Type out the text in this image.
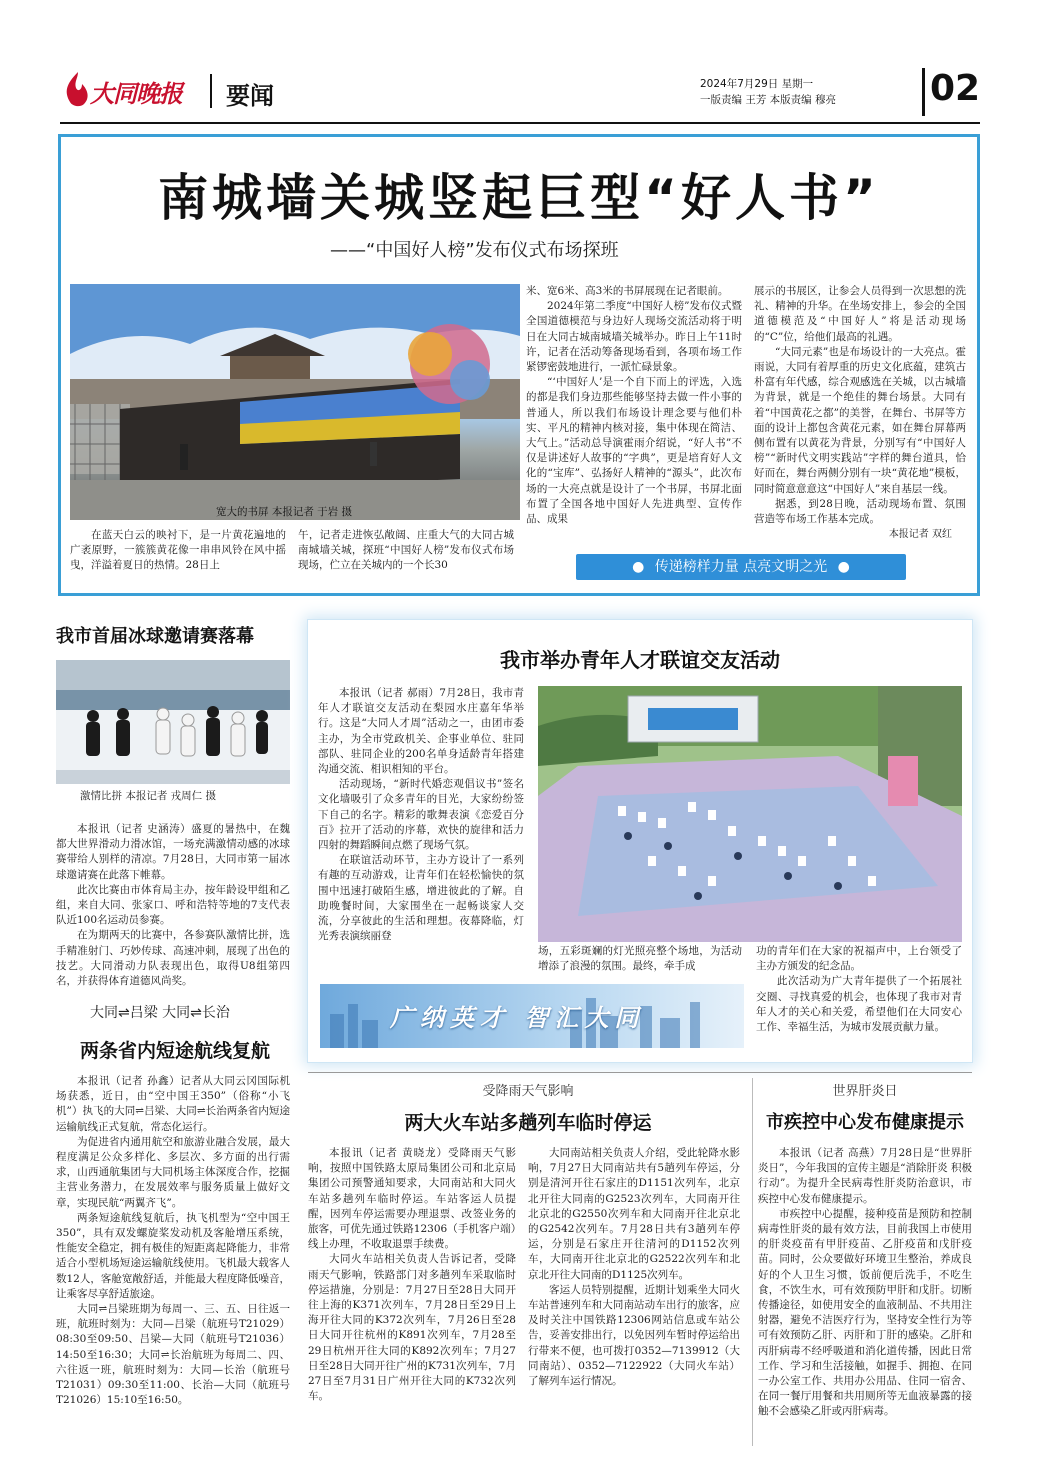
大同晚报 要闻	2024年7月29日 星期一
一版责编 王芳 本版责编 穆亮	02
南城墙关城竖起巨型“好人书”
——“中国好人榜”发布仪式布场探班
宽大的书屏 本报记者 于岩 摄

在蓝天白云的映衬下，是一片黄花遍地的广袤原野，一簇簇黄花像一串串风铃在风中摇曳，洋溢着夏日的热情。28日上

午，记者走进恢弘敞阔、庄重大气的大同古城南城墙关城，探班“中国好人榜”发布仪式布场现场，伫立在关城内的一个长30

米、宽6米、高3米的书屏展现在记者眼前。

2024年第二季度“中国好人榜”发布仪式暨全国道德模范与身边好人现场交流活动将于明日在大同古城南城墙关城举办。昨日上午11时许，记者在活动筹备现场看到，各项布场工作紧锣密鼓地进行，一派忙碌景象。

“‘中国好人’是一个自下而上的评选，入选的都是我们身边那些能够坚持去做一件小事的普通人，所以我们布场设计理念要与他们朴实、平凡的精神内核对接，集中体现在简洁、大气上。”活动总导演霍雨介绍说，“好人书”不仅是讲述好人故事的“字典”，更是培育好人文化的“宝库”、弘扬好人精神的“源头”，此次布场的一大亮点就是设计了一个书屏，书屏北面布置了全国各地中国好人先进典型、宣传作品、成果

展示的书展区，让参会人员得到一次思想的洗礼、精神的升华。在坐场安排上，参会的全国道德模范及“中国好人”将是活动现场的“C”位，给他们最高的礼遇。

“大同元素”也是布场设计的一大亮点。霍雨说，大同有着厚重的历史文化底蕴，建筑古朴富有年代感，综合观感选在关城，以古城墙为背景，就是一个绝佳的舞台场景。大同有着“中国黄花之都”的美誉，在舞台、书屏等方面的设计上都包含黄花元素，如在舞台屏幕两侧布置有以黄花为背景，分别写有“中国好人榜”“新时代文明实践站”字样的舞台道具，恰好而在，舞台两侧分别有一块“黄花地”模板，同时简意意意这“中国好人”来自基层一线。

据悉，到28日晚，活动现场布置、氛围营造等布场工作基本完成。

本报记者 双红
● 传递榜样力量 点亮文明之光 ●
我市首届冰球邀请赛落幕
激情比拼 本报记者 戎周仁 摄

本报讯（记者 史涵涛）盛夏的暑热中，在魏都大世界滑动力滑冰馆，一场充满激情动感的冰球赛带给人别样的清凉。7月28日，大同市第一届冰球邀请赛在此落下帷幕。

此次比赛由市体育局主办，按年龄设甲组和乙组，来自大同、张家口、呼和浩特等地的7支代表队近100名运动员参赛。

在为期两天的比赛中，各参赛队激情比拼，选手精准射门、巧妙传球、高速冲刺，展现了出色的技艺。大同滑动力队表现出色，取得U8组第四名，并获得体育道德风尚奖。

大同⇌吕梁 大同⇌长治
两条省内短途航线复航

本报讯（记者 孙鑫）记者从大同云冈国际机场获悉，近日，由“空中国王350”（俗称“小飞机”）执飞的大同⇌吕梁、大同⇌长治两条省内短途运输航线正式复航，常态化运行。

为促进省内通用航空和旅游业融合发展，最大程度满足公众多样化、多层次、多方面的出行需求，山西通航集团与大同机场主体深度合作，挖掘主营业务潜力，在发展效率与服务质量上做好文章，实现民航“两翼齐飞”。

两条短途航线复航后，执飞机型为“空中国王350”，具有双发螺旋桨发动机及客舱增压系统，性能安全稳定，拥有极佳的短距离起降能力，非常适合小型机场短途运输航线使用。飞机最大载客人数12人，客舱宽敞舒适，并能最大程度降低噪音，让乘客尽享舒适旅途。

大同⇌吕梁班期为每周一、三、五、日往返一班，航班时刻为：大同—吕梁（航班号T21029）08:30至09:50、吕梁—大同（航班号T21036）14:50至16:30；大同⇌长治航班为每周二、四、六往返一班，航班时刻为：大同—长治（航班号T21031）09:30至11:00、长治—大同（航班号T21026）15:10至16:50。

我市举办青年人才联谊交友活动

本报讯（记者 郝雨）7月28日，我市青年人才联谊交友活动在梨园水庄嘉年华举行。这是“大同人才周”活动之一，由团市委主办，为全市党政机关、企事业单位、驻同部队、驻同企业的200名单身适龄青年搭建沟通交流、相识相知的平台。

活动现场，“新时代婚恋观倡议书”签名文化墙吸引了众多青年的目光，大家纷纷签下自己的名字。精彩的歌舞表演《恋爱百分百》拉开了活动的序幕，欢快的旋律和活力四射的舞蹈瞬间点燃了现场气氛。

在联谊活动环节，主办方设计了一系列有趣的互动游戏，让青年们在轻松愉快的氛围中迅速打破陌生感，增进彼此的了解。自助晚餐时间，大家围坐在一起畅谈家人交流，分享彼此的生活和理想。夜幕降临，灯光秀表演缤丽登

场，五彩斑斓的灯光照亮整个场地，为活动增添了浪漫的氛围。最终，牵手成

功的青年们在大家的祝福声中，上台领受了主办方颁发的纪念品。

此次活动为广大青年提供了一个拓展社交圈、寻找真爱的机会，也体现了我市对青年人才的关心和关爱，希望他们在大同安心工作、幸福生活，为城市发展贡献力量。

广纳英才 智汇大同
受降雨天气影响
两大火车站多趟列车临时停运

本报讯（记者 黄晓龙）受降雨天气影响，按照中国铁路太原局集团公司和北京局集团公司预警通知要求，大同南站和大同火车站多趟列车临时停运。车站客运人员提醒，因列车停运需要办理退票、改签业务的旅客，可优先通过铁路12306（手机客户端）线上办理，不收取退票手续费。

大同火车站相关负责人告诉记者，受降雨天气影响，铁路部门对多趟列车采取临时停运措施，分别是：7月27日至28日大同开往上海的K371次列车，7月28日至29日上海开往大同的K372次列车，7月26日至28日大同开往杭州的K891次列车，7月28至29日杭州开往大同的K892次列车；7月27日至28日大同开往广州的K731次列车，7月27日至7月31日广州开往大同的K732次列车。

大同南站相关负责人介绍，受此轮降水影响，7月27日大同南站共有5趟列车停运，分别是清河开往石家庄的D1151次列车，北京北开往大同南的G2523次列车，大同南开往北京北的G2550次列车和大同南开往北京北的G2542次列车。7月28日共有3趟列车停运，分别是石家庄开往清河的D1152次列车，大同南开往北京北的G2522次列车和北京北开往大同南的D1125次列车。

客运人员特别提醒，近期计划乘坐大同火车站普速列车和大同南站动车出行的旅客，应及时关注中国铁路12306网站信息或车站公告，妥善安排出行，以免因列车暂时停运给出行带来不便，也可拨打0352—7139912（大同南站）、0352—7122922（大同火车站）了解列车运行情况。

世界肝炎日
市疾控中心发布健康提示

本报讯（记者 高燕）7月28日是“世界肝炎日”，今年我国的宣传主题是“消除肝炎 积极行动”。为提升全民病毒性肝炎防治意识，市疾控中心发布健康提示。

市疾控中心提醒，接种疫苗是预防和控制病毒性肝炎的最有效方法，目前我国上市使用的肝炎疫苗有甲肝疫苗、乙肝疫苗和戊肝疫苗。同时，公众要做好环境卫生整治，养成良好的个人卫生习惯，饭前便后洗手，不吃生食，不饮生水，可有效预防甲肝和戊肝。切断传播途径，如使用安全的血液制品、不共用注射器，避免不洁医疗行为，坚持安全性行为等可有效预防乙肝、丙肝和丁肝的感染。乙肝和丙肝病毒不经呼吸道和消化道传播，因此日常工作、学习和生活接触，如握手、拥抱、在同一办公室工作、共用办公用品、住同一宿舍、在同一餐厅用餐和共用厕所等无血液暴露的接触不会感染乙肝或丙肝病毒。
